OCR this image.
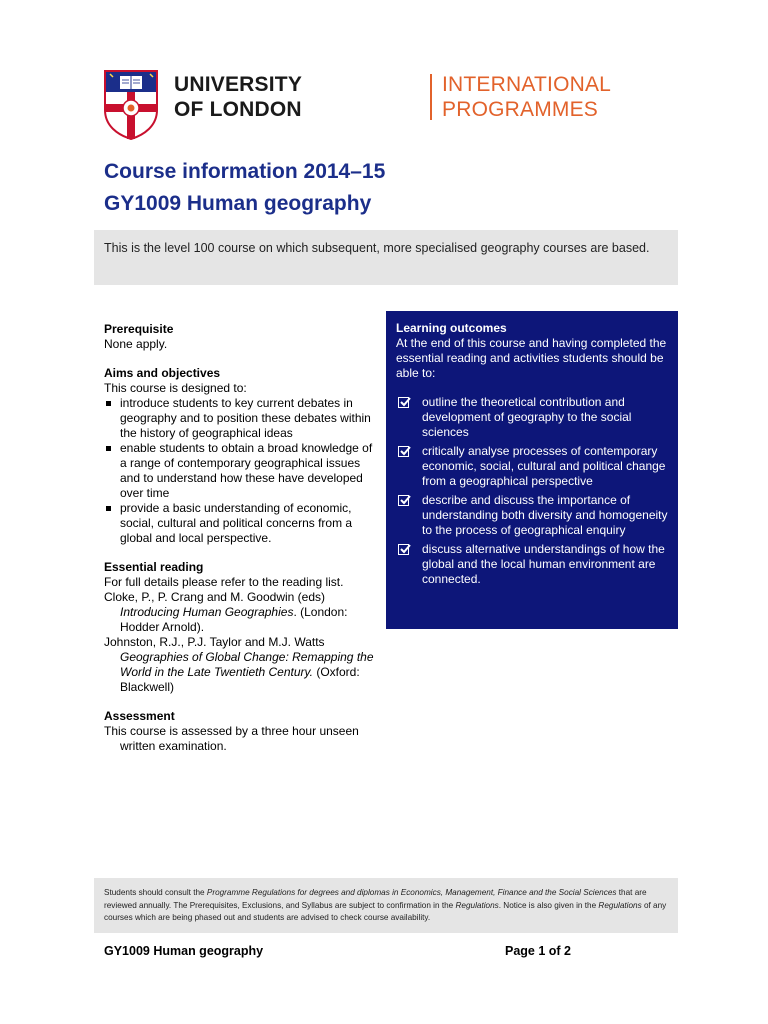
UNIVERSITY
OF LONDON
INTERNATIONAL
PROGRAMMES
Course information 2014–15
GY1009 Human geography
This is the level 100 course on which subsequent, more specialised geography courses are based.
Prerequisite
None apply.
Aims and objectives
This course is designed to:
introduce students to key current debates in geography and to position these debates within the history of geographical ideas
enable students to obtain a broad knowledge of a range of contemporary geographical issues and to understand how these have developed over time
provide a basic understanding of economic, social, cultural and political concerns from a global and local perspective.
Essential reading
For full details please refer to the reading list.
Cloke, P., P. Crang and M. Goodwin (eds)
Introducing Human Geographies. (London: Hodder Arnold).
Johnston, R.J., P.J. Taylor and M.J. Watts
Geographies of Global Change: Remapping the World in the Late Twentieth Century. (Oxford: Blackwell)
Assessment
This course is assessed by a three hour unseen written examination.
Learning outcomes
At the end of this course and having completed the essential reading and activities students should be able to:
outline the theoretical contribution and development of geography to the social sciences
critically analyse processes of contemporary economic, social, cultural and political change from a geographical perspective
describe and discuss the importance of understanding both diversity and homogeneity to the process of geographical enquiry
discuss alternative understandings of how the global and the local human environment are connected.
Students should consult the Programme Regulations for degrees and diplomas in Economics, Management, Finance and the Social Sciences that are reviewed annually. The Prerequisites, Exclusions, and Syllabus are subject to confirmation in the Regulations. Notice is also given in the Regulations of any courses which are being phased out and students are advised to check course availability.
GY1009 Human geography	Page 1 of 2
